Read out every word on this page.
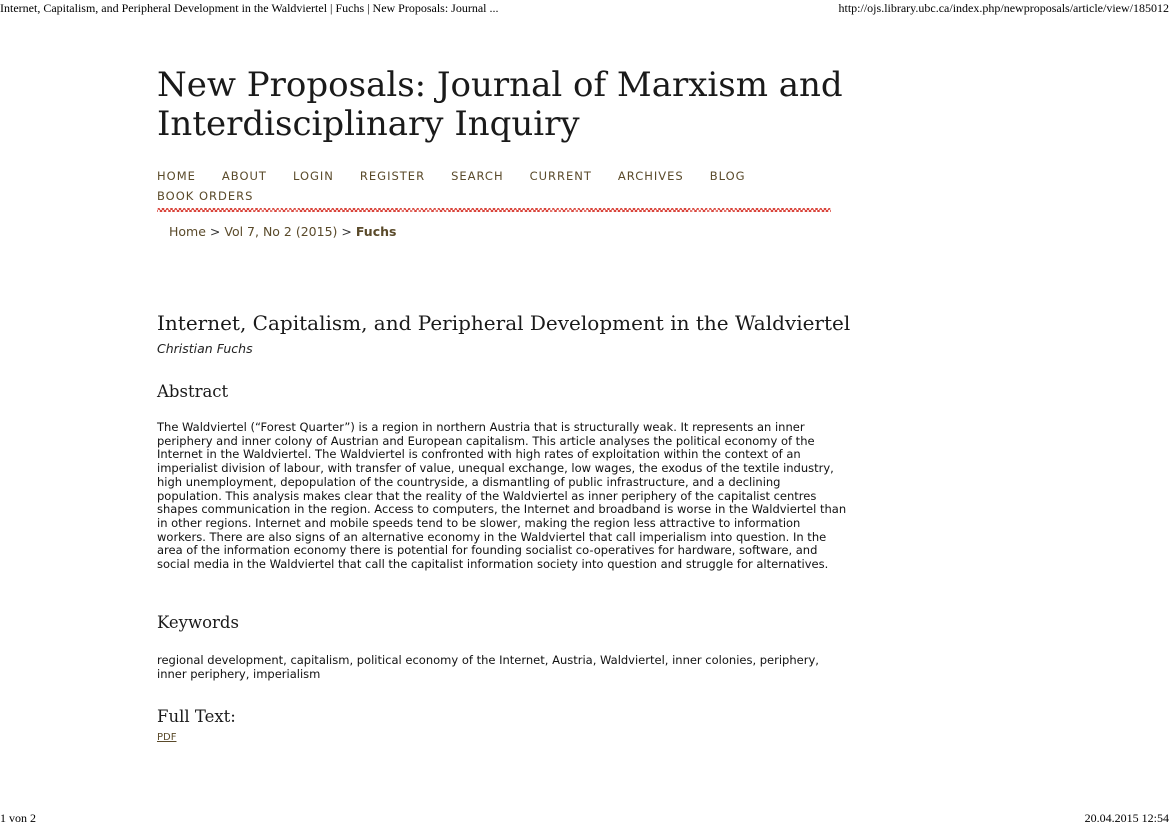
Internet, Capitalism, and Peripheral Development in the Waldviertel | Fuchs | New Proposals: Journal ...	http://ojs.library.ubc.ca/index.php/newproposals/article/view/185012
New Proposals: Journal of Marxism and Interdisciplinary Inquiry
HOME ABOUT LOGIN REGISTER SEARCH CURRENT ARCHIVES BLOG
BOOK ORDERS
Home > Vol 7, No 2 (2015) > Fuchs
Internet, Capitalism, and Peripheral Development in the Waldviertel
Christian Fuchs
Abstract

The Waldviertel (“Forest Quarter”) is a region in northern Austria that is structurally weak. It represents an inner periphery and inner colony of Austrian and European capitalism. This article analyses the political economy of the Internet in the Waldviertel. The Waldviertel is confronted with high rates of exploitation within the context of an imperialist division of labour, with transfer of value, unequal exchange, low wages, the exodus of the textile industry, high unemployment, depopulation of the countryside, a dismantling of public infrastructure, and a declining population. This analysis makes clear that the reality of the Waldviertel as inner periphery of the capitalist centres shapes communication in the region. Access to computers, the Internet and broadband is worse in the Waldviertel than in other regions. Internet and mobile speeds tend to be slower, making the region less attractive to information workers. There are also signs of an alternative economy in the Waldviertel that call imperialism into question. In the area of the information economy there is potential for founding socialist co-operatives for hardware, software, and social media in the Waldviertel that call the capitalist information society into question and struggle for alternatives.

Keywords

regional development, capitalism, political economy of the Internet, Austria, Waldviertel, inner colonies, periphery, inner periphery, imperialism

Full Text:
PDF
1 von 2	20.04.2015 12:54
